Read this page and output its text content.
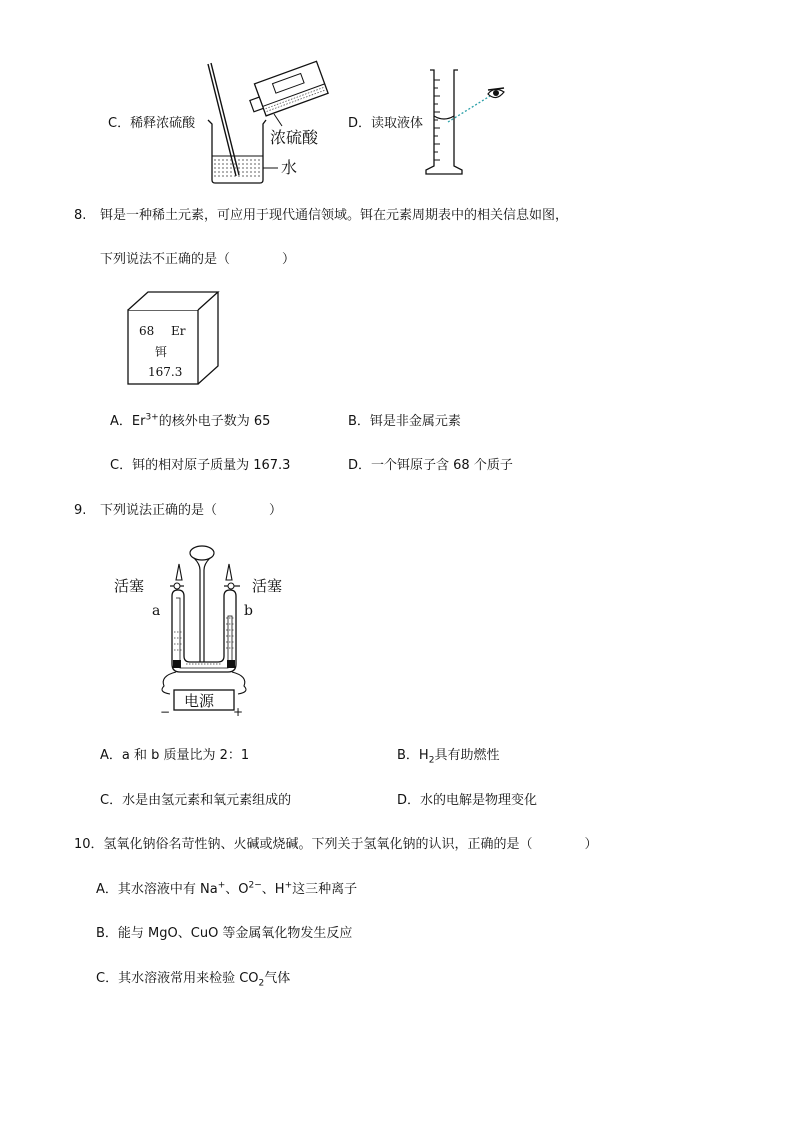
C．稀释浓硫酸
浓硫酸
水
D．读取液体
8. 铒是一种稀土元素，可应用于现代通信领域。铒在元素周期表中的相关信息如图，
下列说法不正确的是（　　　　）
68 Er
铒
167.3
A．$Er^{3+}$的核外电子数为 65	B．铒是非金属元素
C．铒的相对原子质量为 167.3	D．一个铒原子含 68 个质子
9. 下列说法正确的是（　　　　）
活塞	活塞
a	b
电源
−	+
A．a 和 b 质量比为 2：1	B．$H_2$具有助燃性
C．水是由氢元素和氧元素组成的	D．水的电解是物理变化
10．氢氧化钠俗名苛性钠、火碱或烧碱。下列关于氢氧化钠的认识，正确的是（　　　　）
A．其水溶液中有 Na+、$O^{2-}$、H+这三种离子
B．能与 MgO、CuO 等金属氧化物发生反应
C．其水溶液常用来检验 $CO_2$气体
